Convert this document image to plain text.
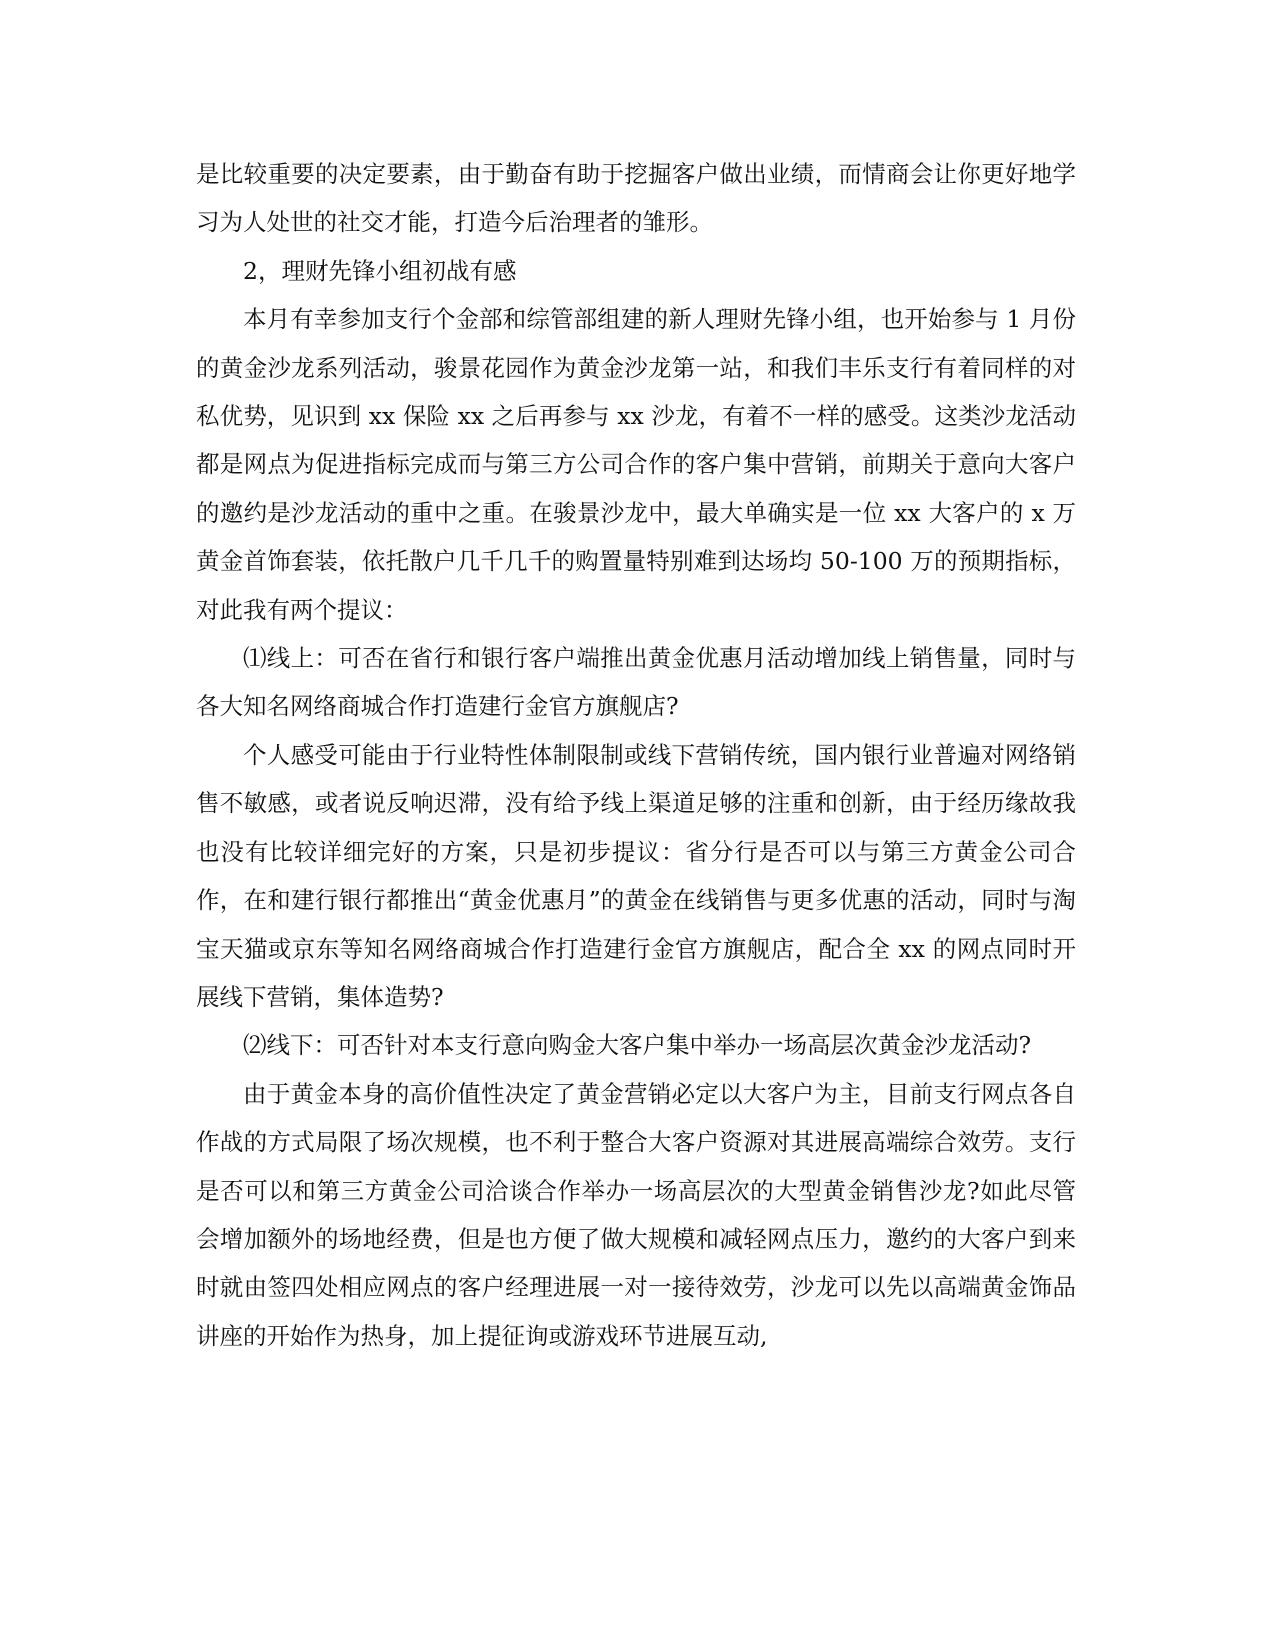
是比较重要的决定要素，由于勤奋有助于挖掘客户做出业绩，而情商会让你更好地学习为人处世的社交才能，打造今后治理者的雏形。

2，理财先锋小组初战有感

本月有幸参加支行个金部和综管部组建的新人理财先锋小组，也开始参与 1 月份的黄金沙龙系列活动，骏景花园作为黄金沙龙第一站，和我们丰乐支行有着同样的对私优势，见识到 xx 保险 xx 之后再参与 xx 沙龙，有着不一样的感受。这类沙龙活动都是网点为促进指标完成而与第三方公司合作的客户集中营销，前期关于意向大客户的邀约是沙龙活动的重中之重。在骏景沙龙中，最大单确实是一位 xx 大客户的 x 万黄金首饰套装，依托散户几千几千的购置量特别难到达场均 50-100 万的预期指标，对此我有两个提议：

⑴线上：可否在省行和银行客户端推出黄金优惠月活动增加线上销售量，同时与各大知名网络商城合作打造建行金官方旗舰店?

个人感受可能由于行业特性体制限制或线下营销传统，国内银行业普遍对网络销售不敏感，或者说反响迟滞，没有给予线上渠道足够的注重和创新，由于经历缘故我也没有比较详细完好的方案，只是初步提议：省分行是否可以与第三方黄金公司合作，在和建行银行都推出“黄金优惠月”的黄金在线销售与更多优惠的活动，同时与淘宝天猫或京东等知名网络商城合作打造建行金官方旗舰店，配合全 xx 的网点同时开展线下营销，集体造势?

⑵线下：可否针对本支行意向购金大客户集中举办一场高层次黄金沙龙活动?

由于黄金本身的高价值性决定了黄金营销必定以大客户为主，目前支行网点各自作战的方式局限了场次规模，也不利于整合大客户资源对其进展高端综合效劳。支行是否可以和第三方黄金公司洽谈合作举办一场高层次的大型黄金销售沙龙?如此尽管会增加额外的场地经费，但是也方便了做大规模和减轻网点压力，邀约的大客户到来时就由签四处相应网点的客户经理进展一对一接待效劳，沙龙可以先以高端黄金饰品讲座的开始作为热身，加上提征询或游戏环节进展互动,
